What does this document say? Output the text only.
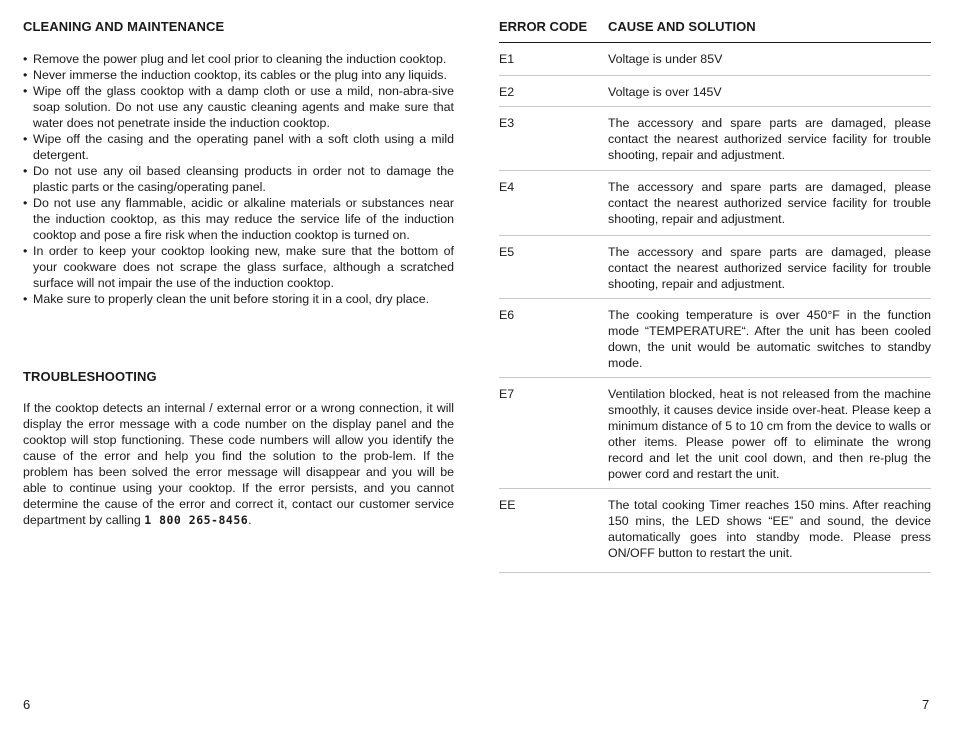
CLEANING AND MAINTENANCE
• Remove the power plug and let cool prior to cleaning the induction cooktop.
• Never immerse the induction cooktop, its cables or the plug into any liquids.
• Wipe off the glass cooktop with a damp cloth or use a mild, non-abra-sive soap solution. Do not use any caustic cleaning agents and make sure that water does not penetrate inside the induction cooktop.
• Wipe off the casing and the operating panel with a soft cloth using a mild detergent.
• Do not use any oil based cleansing products in order not to damage the plastic parts or the casing/operating panel.
• Do not use any flammable, acidic or alkaline materials or substances near the induction cooktop, as this may reduce the service life of the induction cooktop and pose a fire risk when the induction cooktop is turned on.
• In order to keep your cooktop looking new, make sure that the bottom of your cookware does not scrape the glass surface, although a scratched surface will not impair the use of the induction cooktop.
• Make sure to properly clean the unit before storing it in a cool, dry place.
TROUBLESHOOTING

If the cooktop detects an internal / external error or a wrong connection, it will display the error message with a code number on the display panel and the cooktop will stop functioning. These code numbers will allow you identify the cause of the error and help you find the solution to the prob-lem. If the problem has been solved the error message will disappear and you will be able to continue using your cooktop. If the error persists, and you cannot determine the cause of the error and correct it, contact our customer service department by calling 1 800 265-8456.

6
ERROR CODE CAUSE AND SOLUTION
E1	Voltage is under 85V
E2	Voltage is over 145V
E3	The accessory and spare parts are damaged, please contact the nearest authorized service facility for trouble shooting, repair and adjustment.
E4	The accessory and spare parts are damaged, please contact the nearest authorized service facility for trouble shooting, repair and adjustment.
E5	The accessory and spare parts are damaged, please contact the nearest authorized service facility for trouble shooting, repair and adjustment.
E6	The cooking temperature is over 450°F in the function mode “TEMPERATURE“. After the unit has been cooled down, the unit would be automatic switches to standby mode.
E7	Ventilation blocked, heat is not released from the machine smoothly, it causes device inside over-heat. Please keep a minimum distance of 5 to 10 cm from the device to walls or other items. Please power off to eliminate the wrong record and let the unit cool down, and then re-plug the power cord and restart the unit.
EE	The total cooking Timer reaches 150 mins. After reaching 150 mins, the LED shows “EE” and sound, the device automatically goes into standby mode. Please press ON/OFF button to restart the unit.
7
